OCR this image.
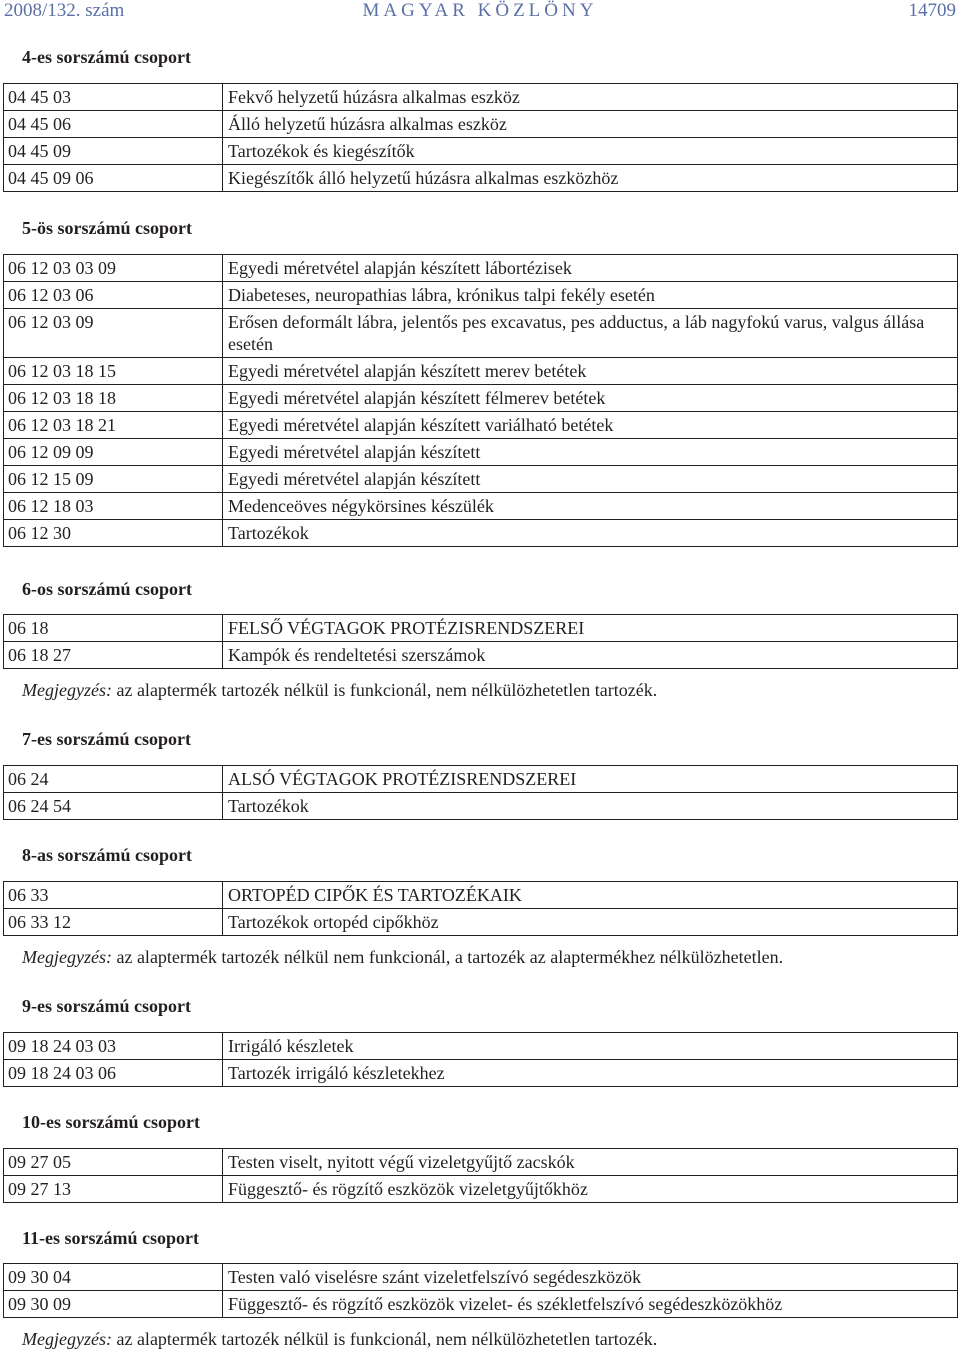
2008/132. szám	MAGYAR KÖZLÖNY	14709
4-es sorszámú csoport
04 45 03	Fekvő helyzetű húzásra alkalmas eszköz
04 45 06	Álló helyzetű húzásra alkalmas eszköz
04 45 09	Tartozékok és kiegészítők
04 45 09 06	Kiegészítők álló helyzetű húzásra alkalmas eszközhöz
5-ös sorszámú csoport
06 12 03 03 09	Egyedi méretvétel alapján készített lábortézisek
06 12 03 06	Diabeteses, neuropathias lábra, krónikus talpi fekély esetén
06 12 03 09	Erősen deformált lábra, jelentős pes excavatus, pes adductus, a láb nagyfokú varus, valgus állása esetén
06 12 03 18 15	Egyedi méretvétel alapján készített merev betétek
06 12 03 18 18	Egyedi méretvétel alapján készített félmerev betétek
06 12 03 18 21	Egyedi méretvétel alapján készített variálható betétek
06 12 09 09	Egyedi méretvétel alapján készített
06 12 15 09	Egyedi méretvétel alapján készített
06 12 18 03	Medenceöves négykörsines készülék
06 12 30	Tartozékok
6-os sorszámú csoport
06 18	FELSŐ VÉGTAGOK PROTÉZISRENDSZEREI
06 18 27	Kampók és rendeltetési szerszámok
Megjegyzés: az alaptermék tartozék nélkül is funkcionál, nem nélkülözhetetlen tartozék.
7-es sorszámú csoport
06 24	ALSÓ VÉGTAGOK PROTÉZISRENDSZEREI
06 24 54	Tartozékok
8-as sorszámú csoport
06 33	ORTOPÉD CIPŐK ÉS TARTOZÉKAIK
06 33 12	Tartozékok ortopéd cipőkhöz
Megjegyzés: az alaptermék tartozék nélkül nem funkcionál, a tartozék az alaptermékhez nélkülözhetetlen.
9-es sorszámú csoport
09 18 24 03 03	Irrigáló készletek
09 18 24 03 06	Tartozék irrigáló készletekhez
10-es sorszámú csoport
09 27 05	Testen viselt, nyitott végű vizeletgyűjtő zacskók
09 27 13	Függesztő- és rögzítő eszközök vizeletgyűjtőkhöz
11-es sorszámú csoport
09 30 04	Testen való viselésre szánt vizeletfelszívó segédeszközök
09 30 09	Függesztő- és rögzítő eszközök vizelet- és székletfelszívó segédeszközökhöz
Megjegyzés: az alaptermék tartozék nélkül is funkcionál, nem nélkülözhetetlen tartozék.
